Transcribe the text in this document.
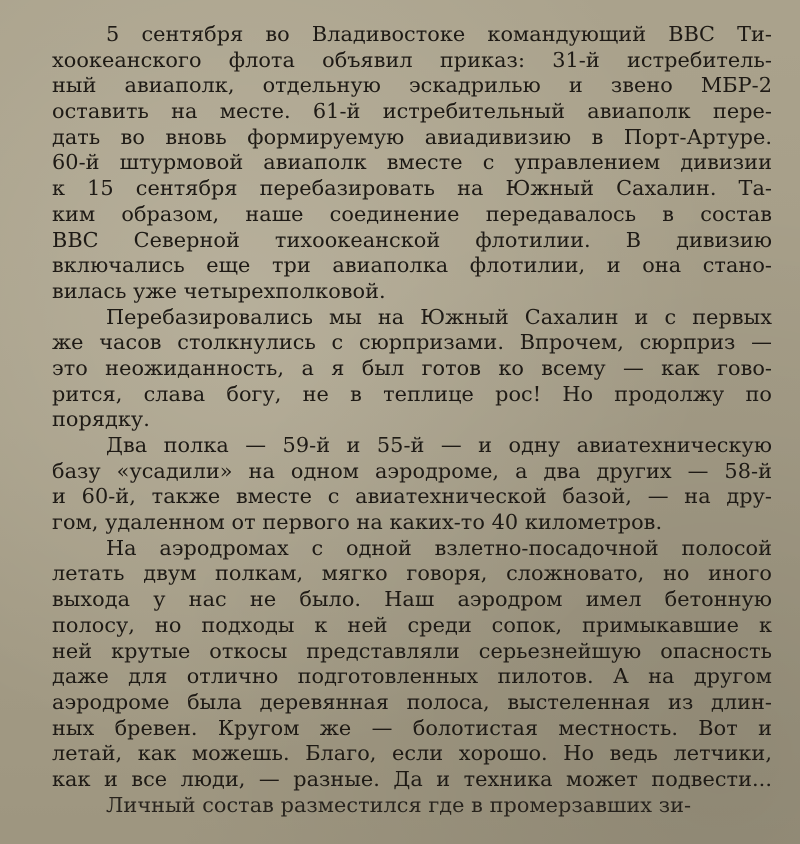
5 сентября во Владивостоке командующий ВВС Ти-
хоокеанского флота объявил приказ: 31-й истребитель-
ный авиаполк, отдельную эскадрилью и звено МБР-2
оставить на месте. 61-й истребительный авиаполк пере-
дать во вновь формируемую авиадивизию в Порт-Артуре.
60-й штурмовой авиаполк вместе с управлением дивизии
к 15 сентября перебазировать на Южный Сахалин. Та-
ким образом, наше соединение передавалось в состав
ВВС Северной тихоокеанской флотилии. В дивизию
включались еще три авиаполка флотилии, и она стано-
вилась уже четырехполковой.
Перебазировались мы на Южный Сахалин и с первых
же часов столкнулись с сюрпризами. Впрочем, сюрприз —
это неожиданность, а я был готов ко всему — как гово-
рится, слава богу, не в теплице рос! Но продолжу по
порядку.
Два полка — 59-й и 55-й — и одну авиатехническую
базу «усадили» на одном аэродроме, а два других — 58-й
и 60-й, также вместе с авиатехнической базой, — на дру-
гом, удаленном от первого на каких-то 40 километров.
На аэродромах с одной взлетно-посадочной полосой
летать двум полкам, мягко говоря, сложновато, но иного
выхода у нас не было. Наш аэродром имел бетонную
полосу, но подходы к ней среди сопок, примыкавшие к
ней крутые откосы представляли серьезнейшую опасность
даже для отлично подготовленных пилотов. А на другом
аэродроме была деревянная полоса, выстеленная из длин-
ных бревен. Кругом же — болотистая местность. Вот и
летай, как можешь. Благо, если хорошо. Но ведь летчики,
как и все люди, — разные. Да и техника может подвести...
Личный состав разместился где в промерзавших зи-
